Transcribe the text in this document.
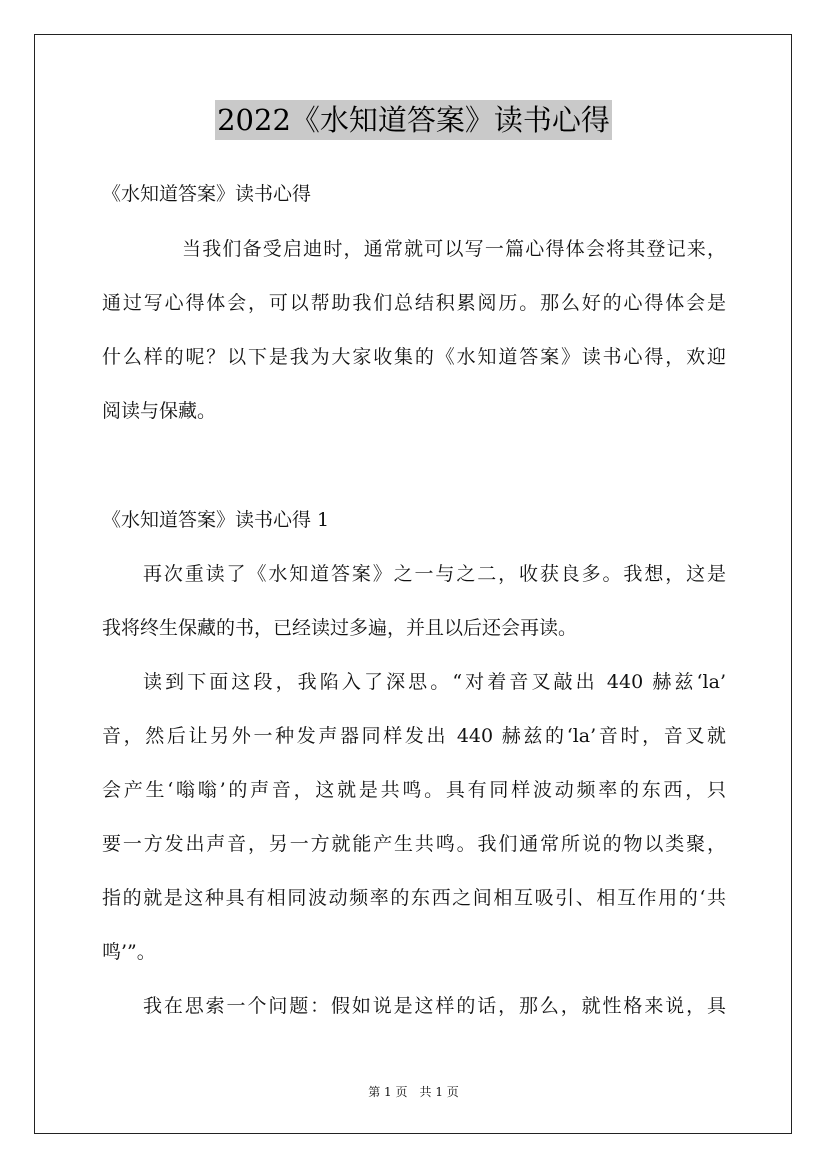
2022《水知道答案》读书心得
《水知道答案》读书心得
当我们备受启迪时，通常就可以写一篇心得体会将其登记来，
通过写心得体会，可以帮助我们总结积累阅历。那么好的心得体会是
什么样的呢？以下是我为大家收集的《水知道答案》读书心得，欢迎
阅读与保藏。
《水知道答案》读书心得 1
再次重读了《水知道答案》之一与之二，收获良多。我想，这是
我将终生保藏的书，已经读过多遍，并且以后还会再读。
读到下面这段，我陷入了深思。“对着音叉敲出 440 赫兹‘la’
音，然后让另外一种发声器同样发出 440 赫兹的‘la’音时，音叉就
会产生‘嗡嗡’的声音，这就是共鸣。具有同样波动频率的东西，只
要一方发出声音，另一方就能产生共鸣。我们通常所说的物以类聚，
指的就是这种具有相同波动频率的东西之间相互吸引、相互作用的‘共
鸣’”。
我在思索一个问题：假如说是这样的话，那么，就性格来说，具
第 1 页　共 1 页
